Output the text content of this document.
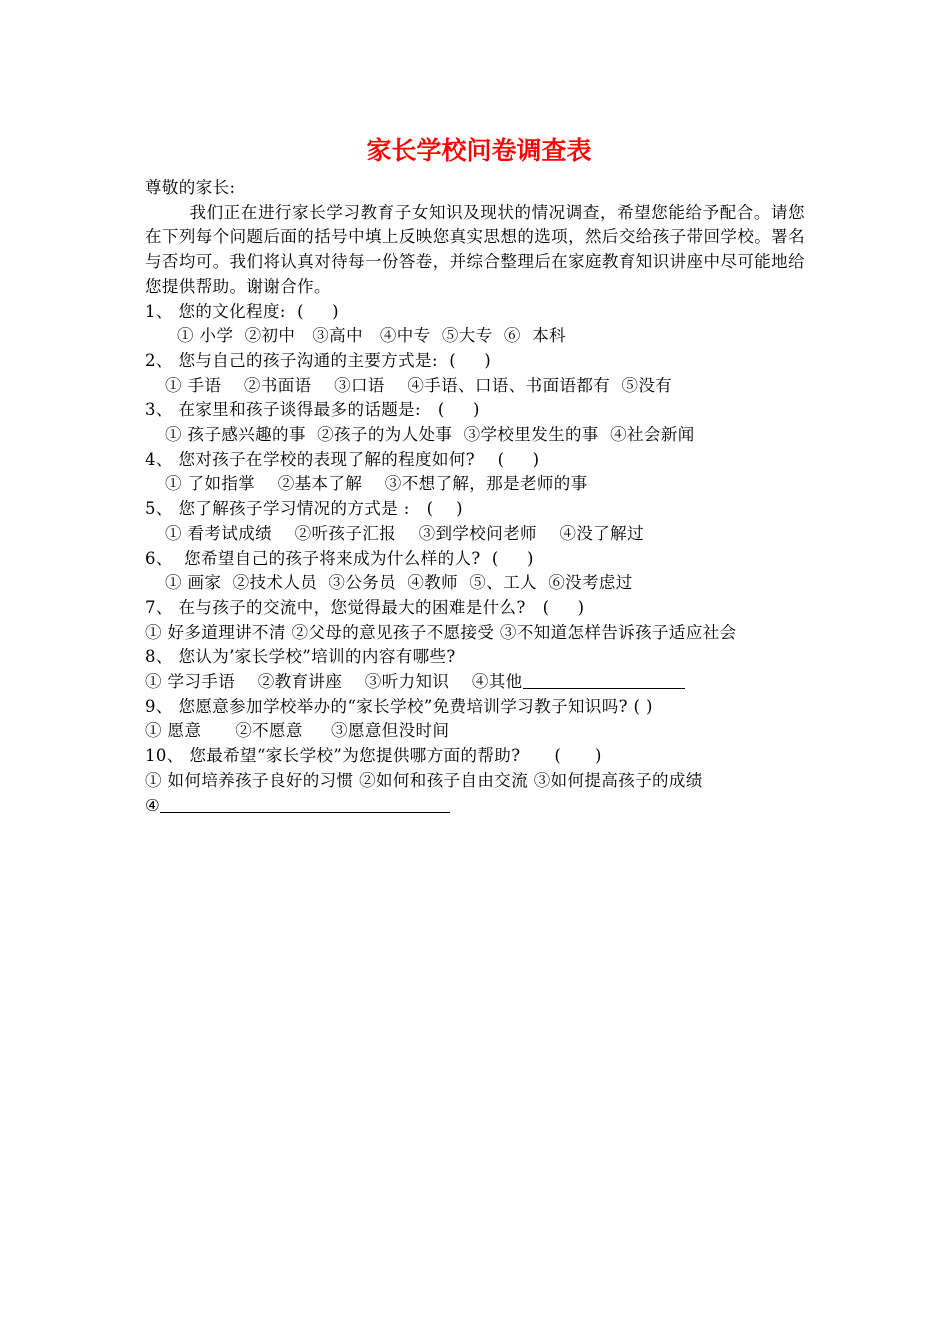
家长学校问卷调查表
尊敬的家长:
我们正在进行家长学习教育子女知识及现状的情况调查，希望您能给予配合。请您在下列每个问题后面的括号中填上反映您真实思想的选项，然后交给孩子带回学校。署名与否均可。我们将认真对待每一份答卷，并综合整理后在家庭教育知识讲座中尽可能地给您提供帮助。谢谢合作。
1、 您的文化程度:  (     )
① 小学  ②初中   ③高中   ④中专  ⑤大专  ⑥  本科
2、 您与自己的孩子沟通的主要方式是:  (     )
① 手语    ②书面语    ③口语    ④手语、口语、书面语都有  ⑤没有
3、 在家里和孩子谈得最多的话题是:   (     )
① 孩子感兴趣的事  ②孩子的为人处事  ③学校里发生的事  ④社会新闻
4、 您对孩子在学校的表现了解的程度如何?    (     )
① 了如指掌    ②基本了解    ③不想了解，那是老师的事
5、 您了解孩子学习情况的方式是 :   (    )
① 看考试成绩    ②听孩子汇报    ③到学校问老师    ④没了解过
6、  您希望自己的孩子将来成为什么样的人?  (     )
① 画家  ②技术人员  ③公务员  ④教师  ⑤、工人  ⑥没考虑过
7、 在与孩子的交流中，您觉得最大的困难是什么?   (     )
① 好多道理讲不清 ②父母的意见孩子不愿接受 ③不知道怎样告诉孩子适应社会
8、 您认为’家长学校”培训的内容有哪些?
① 学习手语    ②教育讲座    ③听力知识    ④其他
9、 您愿意参加学校举办的“家长学校”免费培训学习教子知识吗? ( )
① 愿意      ②不愿意     ③愿意但没时间
10、 您最希望“家长学校”为您提供哪方面的帮助?      (      )
① 如何培养孩子良好的习惯 ②如何和孩子自由交流 ③如何提高孩子的成绩
④
